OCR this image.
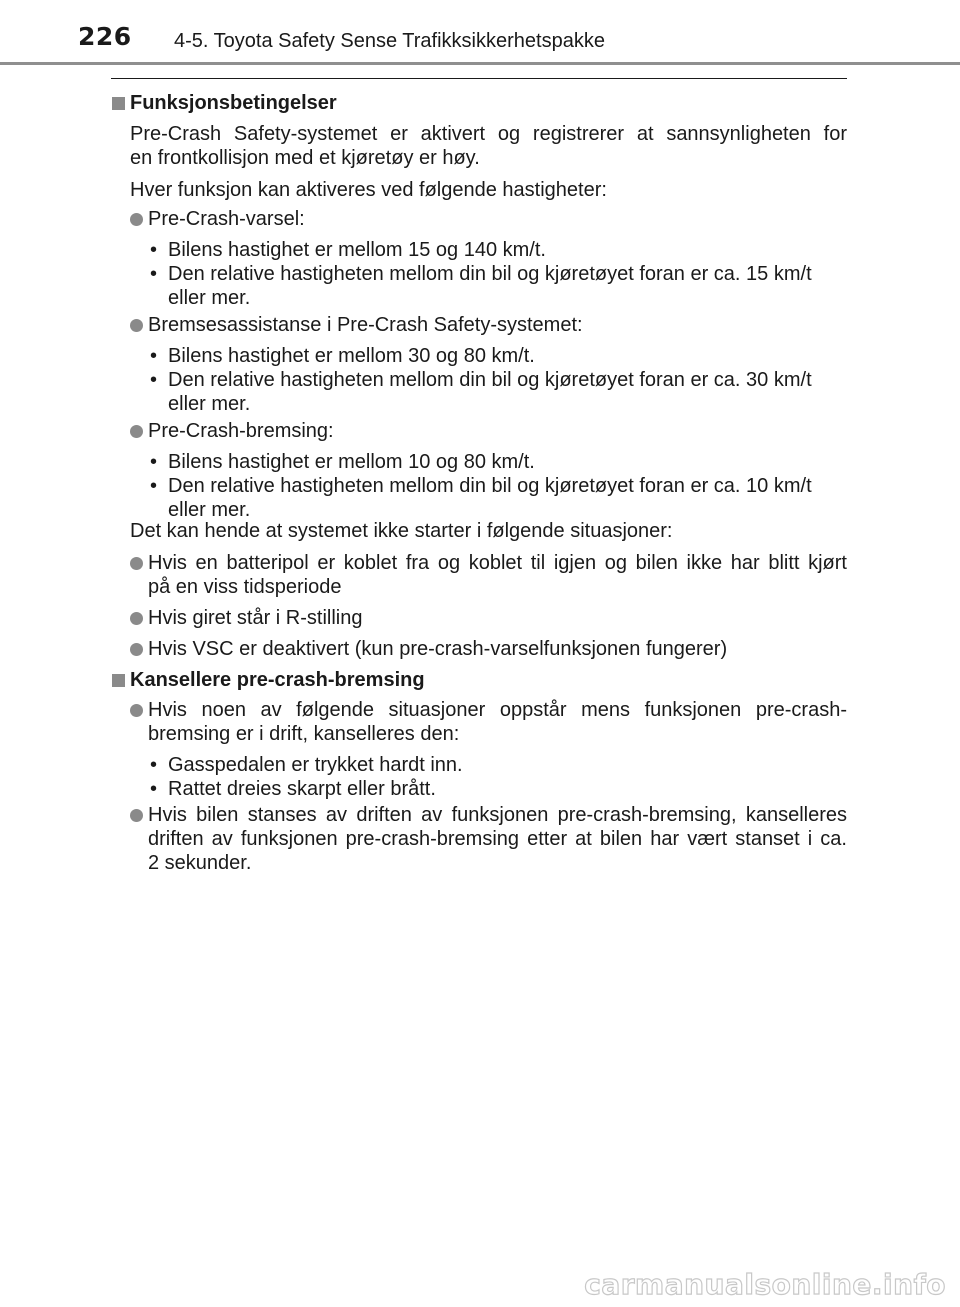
226 4-5. Toyota Safety Sense Trafikksikkerhetspakke
Funksjonsbetingelser
Pre-Crash Safety-systemet er aktivert og registrerer at sannsynligheten for
en frontkollisjon med et kjøretøy er høy.
Hver funksjon kan aktiveres ved følgende hastigheter:
Pre-Crash-varsel:
• Bilens hastighet er mellom 15 og 140 km/t.
• Den relative hastigheten mellom din bil og kjøretøyet foran er ca. 15 km/t
eller mer.
Bremsesassistanse i Pre-Crash Safety-systemet:
• Bilens hastighet er mellom 30 og 80 km/t.
• Den relative hastigheten mellom din bil og kjøretøyet foran er ca. 30 km/t
eller mer.
Pre-Crash-bremsing:
• Bilens hastighet er mellom 10 og 80 km/t.
• Den relative hastigheten mellom din bil og kjøretøyet foran er ca. 10 km/t
eller mer.
Det kan hende at systemet ikke starter i følgende situasjoner:
Hvis en batteripol er koblet fra og koblet til igjen og bilen ikke har blitt kjørt
på en viss tidsperiode
Hvis giret står i R-stilling
Hvis VSC er deaktivert (kun pre-crash-varselfunksjonen fungerer)
Kansellere pre-crash-bremsing
Hvis noen av følgende situasjoner oppstår mens funksjonen pre-crash-
bremsing er i drift, kanselleres den:
• Gasspedalen er trykket hardt inn.
• Rattet dreies skarpt eller brått.
Hvis bilen stanses av driften av funksjonen pre-crash-bremsing, kanselleres
driften av funksjonen pre-crash-bremsing etter at bilen har vært stanset i ca.
2 sekunder.
carmanualsonline.info
